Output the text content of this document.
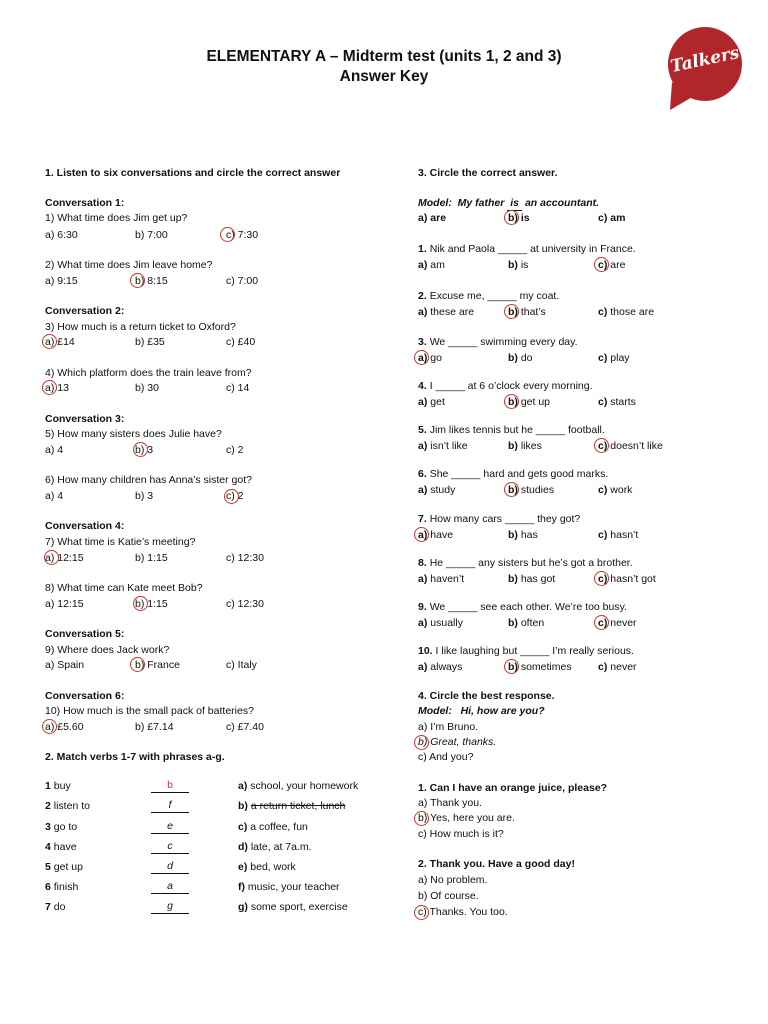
ELEMENTARY A – Midterm test (units 1, 2 and 3)
Answer Key	Talkers
1. Listen to six conversations and circle the correct answer
Conversation 1:
1) What time does Jim get up?
a) 6:30	b) 7:00	c) 7:30
2) What time does Jim leave home?
a) 9:15	b) 8:15	c) 7:00
Conversation 2:
3) How much is a return ticket to Oxford?
a) £14	b) £35	c) £40
4) Which platform does the train leave from?
a) 13	b) 30	c) 14
Conversation 3:
5) How many sisters does Julie have?
a) 4	b) 3	c) 2
6) How many children has Anna’s sister got?
a) 4	b) 3	c) 2
Conversation 4:
7) What time is Katie’s meeting?
a) 12:15	b) 1:15	c) 12:30
8) What time can Kate meet Bob?
a) 12:15	b) 1:15	c) 12:30
Conversation 5:
9) Where does Jack work?
a) Spain	b) France	c) Italy
Conversation 6:
10) How much is the small pack of batteries?
a) £5.60	b) £7.14	c) £7.40
2. Match verbs 1-7 with phrases a-g.
1 buy	b	a) school, your homework
2 listen to	f	b) a return ticket, lunch
3 go to	e	c) a coffee, fun
4 have	c	d) late, at 7a.m.
5 get up	d	e) bed, work
6 finish	a	f) music, your teacher
7 do	g	g) some sport, exercise
3. Circle the correct answer.
Model: My father is an accountant.
a) are	b) is	c) am
1. Nik and Paola _____ at university in France.
a) am	b) is	c) are
2. Excuse me, _____ my coat.
a) these are	b) that’s	c) those are
3. We _____ swimming every day.
a) go	b) do	c) play
4. I _____ at 6 o’clock every morning.
a) get	b) get up	c) starts
5. Jim likes tennis but he _____ football.
a) isn’t like	b) likes	c) doesn’t like
6. She _____ hard and gets good marks.
a) study	b) studies	c) work
7. How many cars _____ they got?
a) have	b) has	c) hasn’t
8. He _____ any sisters but he’s got a brother.
a) haven’t	b) has got	c) hasn’t got
9. We _____ see each other. We’re too busy.
a) usually	b) often	c) never
10. I like laughing but _____ I’m really serious.
a) always	b) sometimes	c) never
4. Circle the best response.
Model: Hi, how are you?
a) I’m Bruno.
b) Great, thanks.
c) And you?
1. Can I have an orange juice, please?
a) Thank you.
b) Yes, here you are.
c) How much is it?
2. Thank you. Have a good day!
a) No problem.
b) Of course.
c) Thanks. You too.
